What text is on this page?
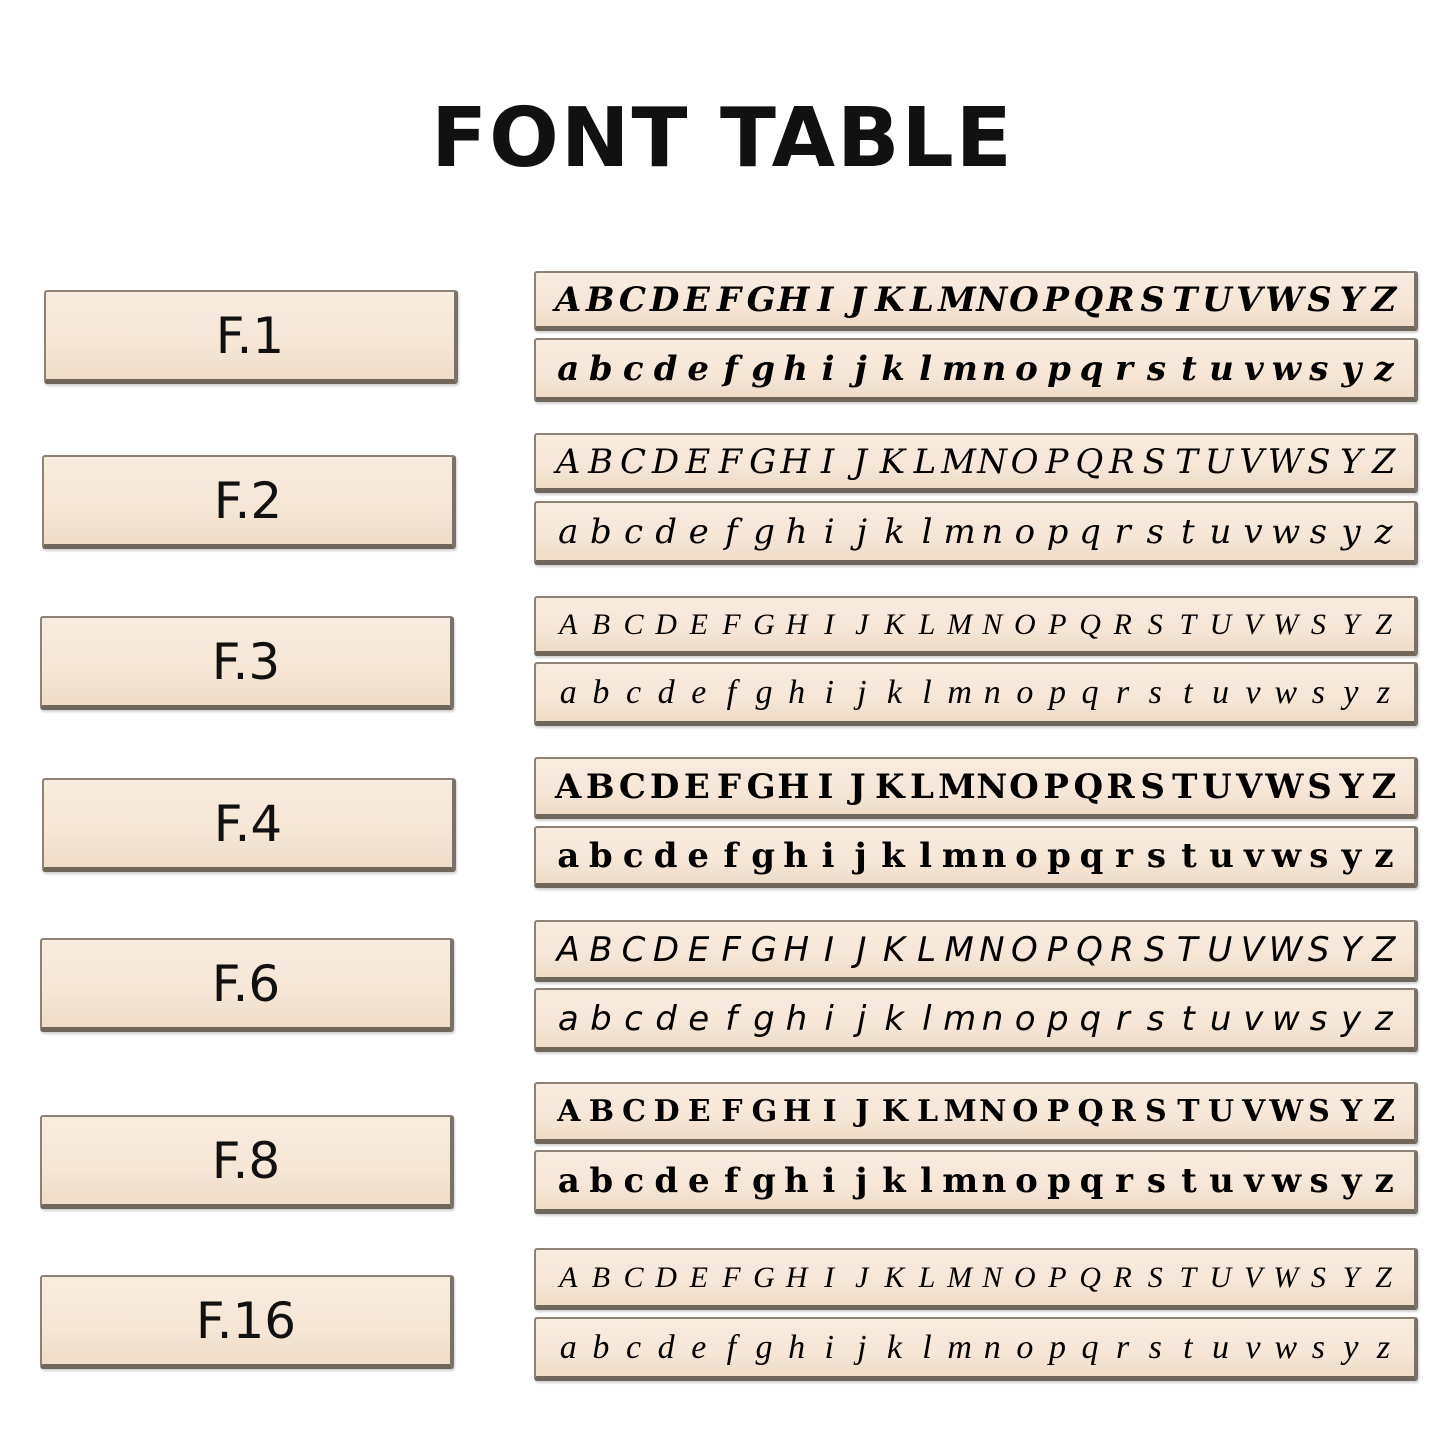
FONT TABLE
F.1
A B C D E F G H I J K L M N O P Q R S T U V W S Y Z
a b c d e f g h i j k l m n o p q r s t u v w s y z
F.2
A B C D E F G H I J K L M N O P Q R S T U V W S Y Z
a b c d e f g h i j k l m n o p q r s t u v w s y z
F.3
A B C D E F G H I J K L M N O P Q R S T U V W S Y Z
a b c d e f g h i j k l m n o p q r s t u v w s y z
F.4
A B C D E F G H I J K L M N O P Q R S T U V W S Y Z
a b c d e f g h i j k l m n o p q r s t u v w s y z
F.6
A B C D E F G H I J K L M N O P Q R S T U V W S Y Z
a b c d e f g h i j k l m n o p q r s t u v w s y z
F.8
A B C D E F G H I J K L M N O P Q R S T U V W S Y Z
a b c d e f g h i j k l m n o p q r s t u v w s y z
F.16
A B C D E F G H I J K L M N O P Q R S T U V W S Y Z
a b c d e f g h i j k l m n o p q r s t u v w s y z
